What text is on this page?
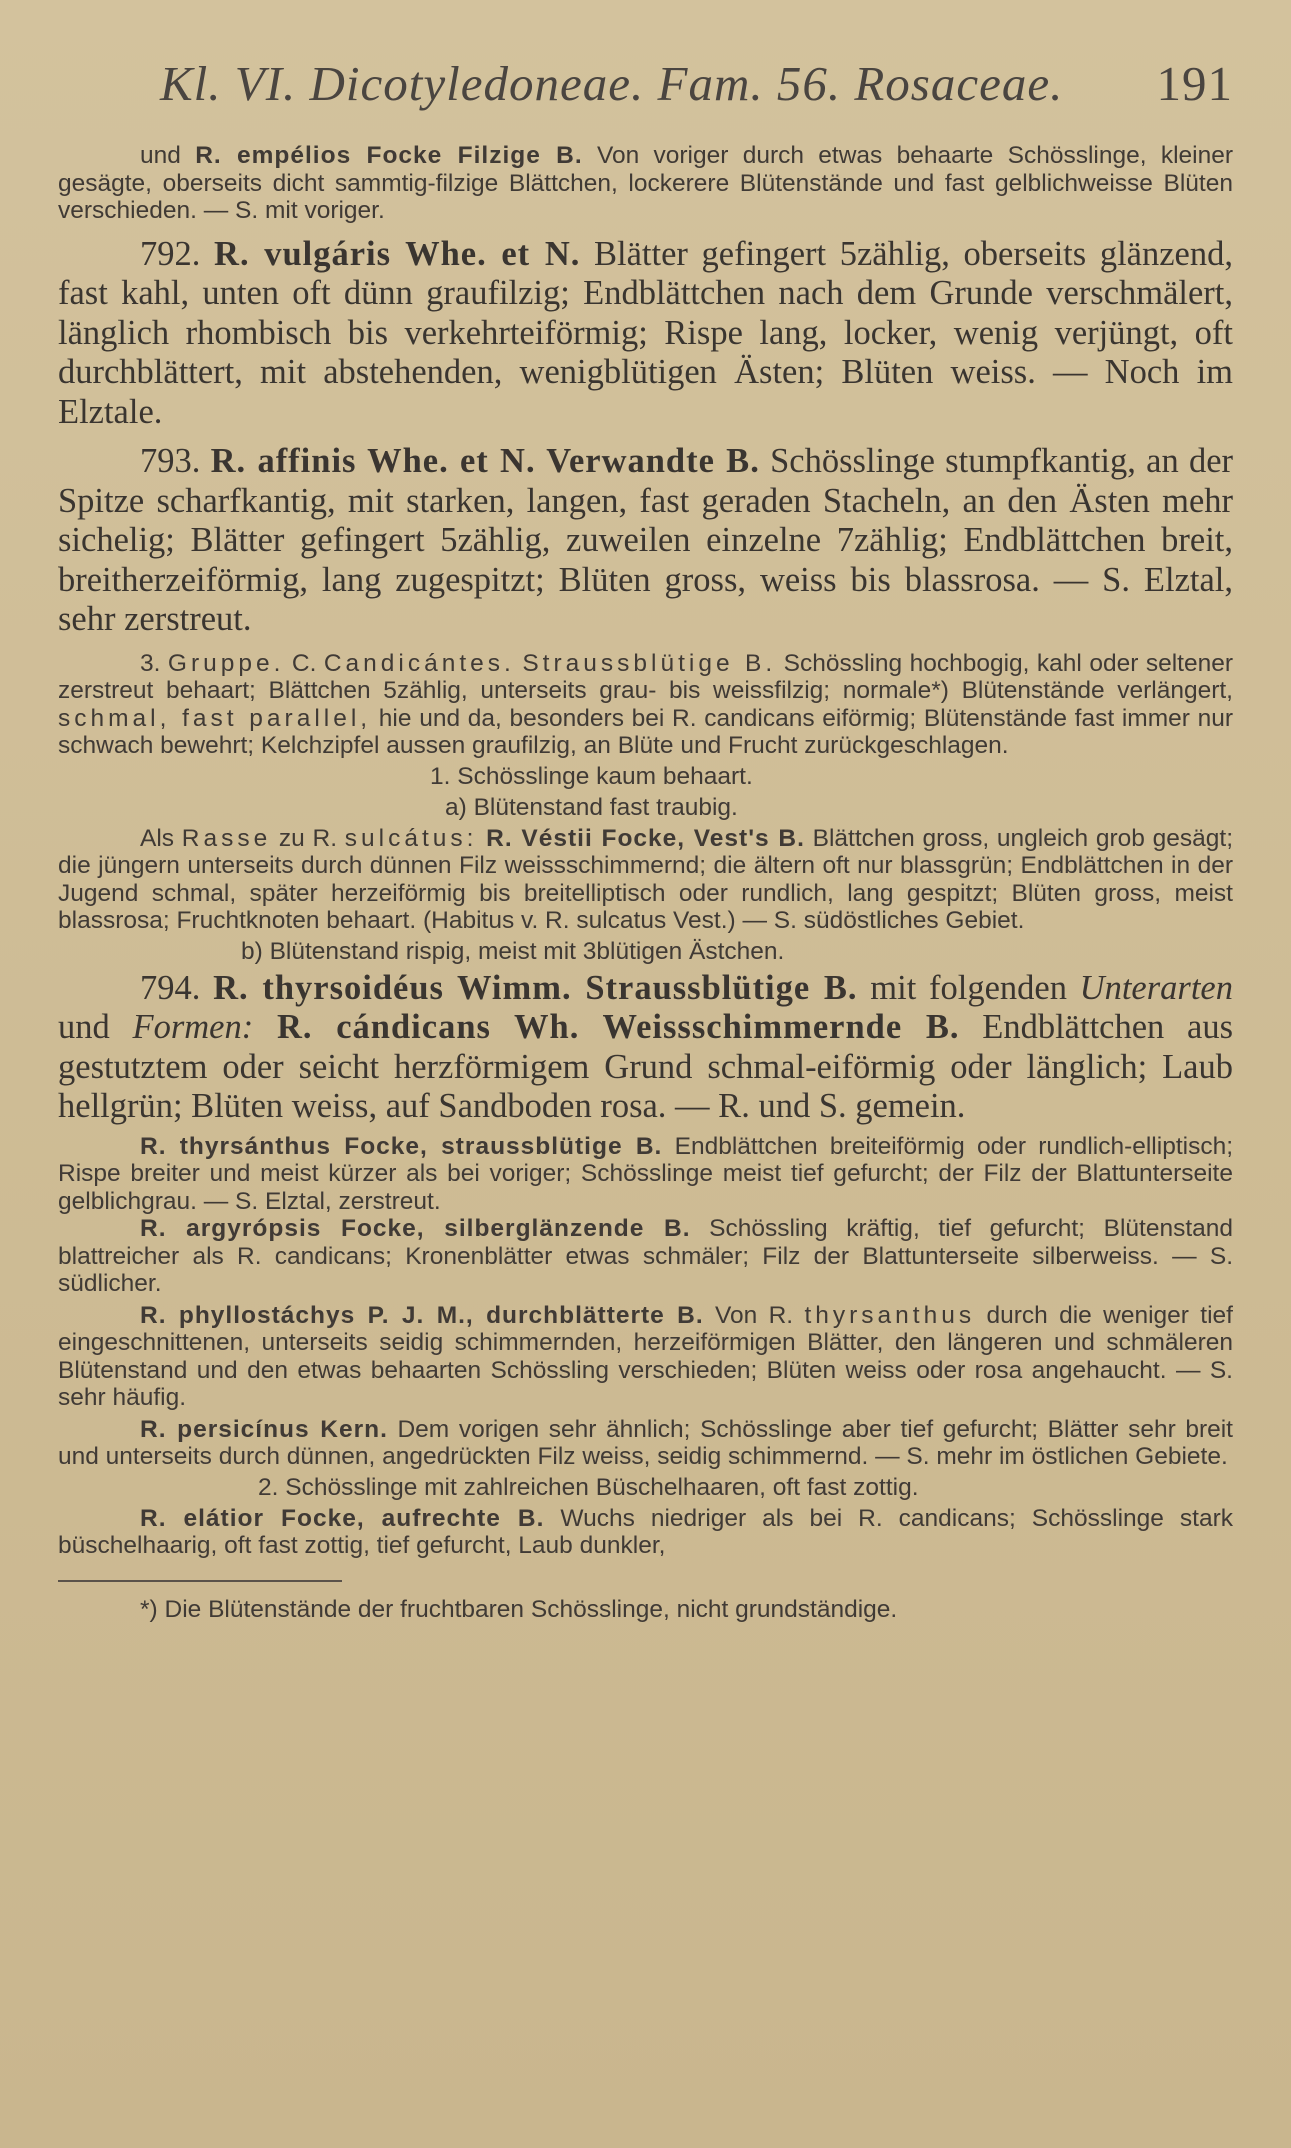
Kl. VI. Dicotyledoneae. Fam. 56. Rosaceae. 191

und R. empélios Focke Filzige B. Von voriger durch etwas behaarte Schösslinge, kleiner gesägte, oberseits dicht sammtig-filzige Blättchen, lockerere Blütenstände und fast gelblichweisse Blüten verschieden. — S. mit voriger.

792. R. vulgáris Whe. et N. Blätter gefingert 5zählig, oberseits glänzend, fast kahl, unten oft dünn graufilzig; Endblättchen nach dem Grunde verschmälert, länglich rhombisch bis verkehrteiförmig; Rispe lang, locker, wenig verjüngt, oft durchblättert, mit abstehenden, wenigblütigen Ästen; Blüten weiss. — Noch im Elztale.

793. R. affinis Whe. et N. Verwandte B. Schösslinge stumpfkantig, an der Spitze scharfkantig, mit starken, langen, fast geraden Stacheln, an den Ästen mehr sichelig; Blätter gefingert 5zählig, zuweilen einzelne 7zählig; Endblättchen breit, breitherzeiförmig, lang zugespitzt; Blüten gross, weiss bis blassrosa. — S. Elztal, sehr zerstreut.

3. Gruppe. C. Candicántes. Straussblütige B. Schössling hochbogig, kahl oder seltener zerstreut behaart; Blättchen 5zählig, unterseits grau- bis weissfilzig; normale*) Blütenstände verlängert, schmal, fast parallel, hie und da, besonders bei R. candicans eiförmig; Blütenstände fast immer nur schwach bewehrt; Kelchzipfel aussen graufilzig, an Blüte und Frucht zurückgeschlagen.

1. Schösslinge kaum behaart.
a) Blütenstand fast traubig.

Als Rasse zu R. sulcátus: R. Véstii Focke, Vest's B. Blättchen gross, ungleich grob gesägt; die jüngern unterseits durch dünnen Filz weissschimmernd; die ältern oft nur blassgrün; Endblättchen in der Jugend schmal, später herzeiförmig bis breitelliptisch oder rundlich, lang gespitzt; Blüten gross, meist blassrosa; Fruchtknoten behaart. (Habitus v. R. sulcatus Vest.) — S. südöstliches Gebiet.

b) Blütenstand rispig, meist mit 3blütigen Ästchen.

794. R. thyrsoidéus Wimm. Straussblütige B. mit folgenden Unterarten und Formen: R. cándicans Wh. Weissschimmernde B. Endblättchen aus gestutztem oder seicht herzförmigem Grund schmal-eiförmig oder länglich; Laub hellgrün; Blüten weiss, auf Sandboden rosa. — R. und S. gemein.

R. thyrsánthus Focke, straussblütige B. Endblättchen breiteiförmig oder rundlich-elliptisch; Rispe breiter und meist kürzer als bei voriger; Schösslinge meist tief gefurcht; der Filz der Blattunterseite gelblichgrau. — S. Elztal, zerstreut.

R. argyrópsis Focke, silberglänzende B. Schössling kräftig, tief gefurcht; Blütenstand blattreicher als R. candicans; Kronenblätter etwas schmäler; Filz der Blattunterseite silberweiss. — S. südlicher.

R. phyllostáchys P. J. M., durchblätterte B. Von R. thyrsanthus durch die weniger tief eingeschnittenen, unterseits seidig schimmernden, herzeiförmigen Blätter, den längeren und schmäleren Blütenstand und den etwas behaarten Schössling verschieden; Blüten weiss oder rosa angehaucht. — S. sehr häufig.

R. persicínus Kern. Dem vorigen sehr ähnlich; Schösslinge aber tief gefurcht; Blätter sehr breit und unterseits durch dünnen, angedrückten Filz weiss, seidig schimmernd. — S. mehr im östlichen Gebiete.

2. Schösslinge mit zahlreichen Büschelhaaren, oft fast zottig.

R. elátior Focke, aufrechte B. Wuchs niedriger als bei R. candicans; Schösslinge stark büschelhaarig, oft fast zottig, tief gefurcht, Laub dunkler,

*) Die Blütenstände der fruchtbaren Schösslinge, nicht grundständige.
